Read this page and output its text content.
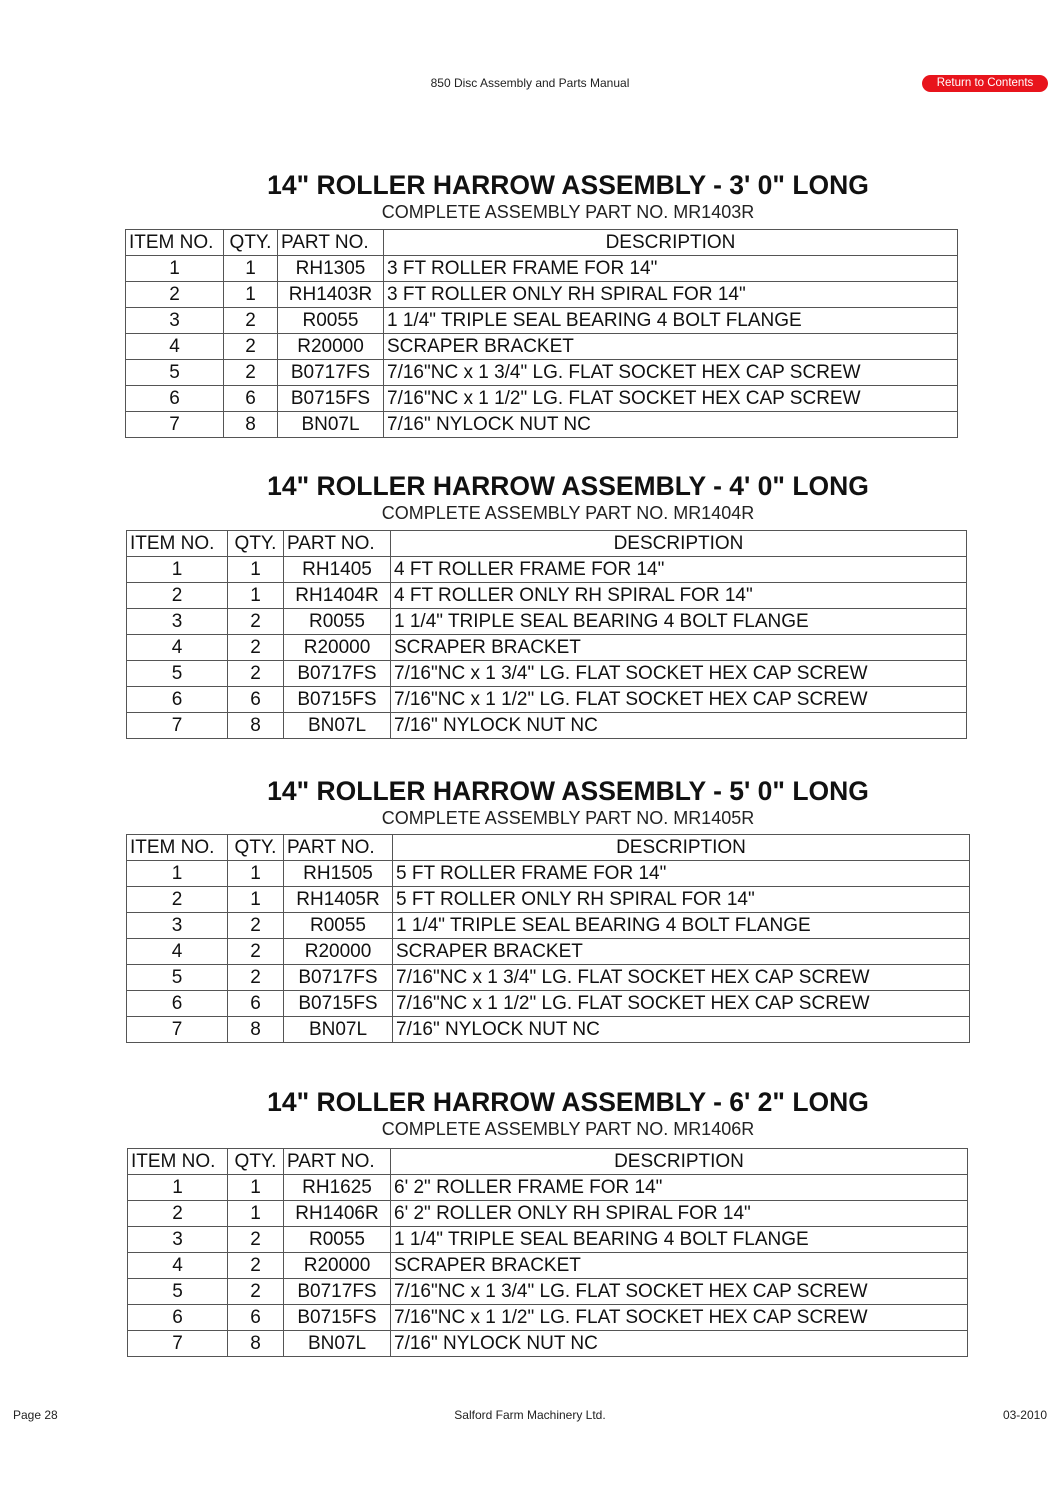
850 Disc Assembly and Parts Manual	Return to Contents
14" ROLLER HARROW ASSEMBLY - 3' 0" LONG
COMPLETE ASSEMBLY PART NO. MR1403R
ITEM NO.	QTY.	PART NO.	DESCRIPTION
1	1	RH1305	3 FT ROLLER FRAME FOR 14"
2	1	RH1403R	3 FT ROLLER ONLY RH SPIRAL FOR 14"
3	2	R0055	1 1/4" TRIPLE SEAL BEARING 4 BOLT FLANGE
4	2	R20000	SCRAPER BRACKET
5	2	B0717FS	7/16"NC x 1 3/4" LG. FLAT SOCKET HEX CAP SCREW
6	6	B0715FS	7/16"NC x 1 1/2" LG. FLAT SOCKET HEX CAP SCREW
7	8	BN07L	7/16" NYLOCK NUT NC
14" ROLLER HARROW ASSEMBLY - 4' 0" LONG
COMPLETE ASSEMBLY PART NO. MR1404R
ITEM NO.	QTY.	PART NO.	DESCRIPTION
1	1	RH1405	4 FT ROLLER FRAME FOR 14"
2	1	RH1404R	4 FT ROLLER ONLY RH SPIRAL FOR 14"
3	2	R0055	1 1/4" TRIPLE SEAL BEARING 4 BOLT FLANGE
4	2	R20000	SCRAPER BRACKET
5	2	B0717FS	7/16"NC x 1 3/4" LG. FLAT SOCKET HEX CAP SCREW
6	6	B0715FS	7/16"NC x 1 1/2" LG. FLAT SOCKET HEX CAP SCREW
7	8	BN07L	7/16" NYLOCK NUT NC
14" ROLLER HARROW ASSEMBLY - 5' 0" LONG
COMPLETE ASSEMBLY PART NO. MR1405R
ITEM NO.	QTY.	PART NO.	DESCRIPTION
1	1	RH1505	5 FT ROLLER FRAME FOR 14"
2	1	RH1405R	5 FT ROLLER ONLY RH SPIRAL FOR 14"
3	2	R0055	1 1/4" TRIPLE SEAL BEARING 4 BOLT FLANGE
4	2	R20000	SCRAPER BRACKET
5	2	B0717FS	7/16"NC x 1 3/4" LG. FLAT SOCKET HEX CAP SCREW
6	6	B0715FS	7/16"NC x 1 1/2" LG. FLAT SOCKET HEX CAP SCREW
7	8	BN07L	7/16" NYLOCK NUT NC
14" ROLLER HARROW ASSEMBLY - 6' 2" LONG
COMPLETE ASSEMBLY PART NO. MR1406R
ITEM NO.	QTY.	PART NO.	DESCRIPTION
1	1	RH1625	6' 2" ROLLER FRAME FOR 14"
2	1	RH1406R	6' 2" ROLLER ONLY RH SPIRAL FOR 14"
3	2	R0055	1 1/4" TRIPLE SEAL BEARING 4 BOLT FLANGE
4	2	R20000	SCRAPER BRACKET
5	2	B0717FS	7/16"NC x 1 3/4" LG. FLAT SOCKET HEX CAP SCREW
6	6	B0715FS	7/16"NC x 1 1/2" LG. FLAT SOCKET HEX CAP SCREW
7	8	BN07L	7/16" NYLOCK NUT NC
Page 28	Salford Farm Machinery Ltd.	03-2010
